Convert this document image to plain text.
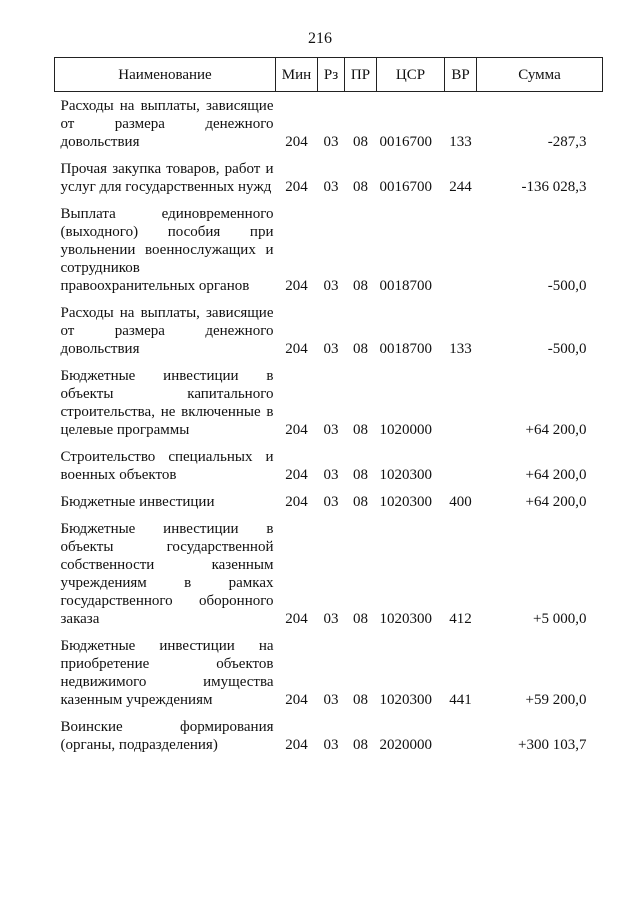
216
Наименование	Мин	Рз	ПР	ЦСР	ВР	Сумма
Расходы на выплаты, зависящие от размера денежного довольствия	204	03	08	0016700	133	-287,3
Прочая закупка товаров, работ и услуг для государственных нужд	204	03	08	0016700	244	-136 028,3
Выплата единовременного (выходного) пособия при увольнении военнослужащих и сотрудников правоохранительных органов	204	03	08	0018700		-500,0
Расходы на выплаты, зависящие от размера денежного довольствия	204	03	08	0018700	133	-500,0
Бюджетные инвестиции в объекты капитального строительства, не включенные в целевые программы	204	03	08	1020000		+64 200,0
Строительство специальных и военных объектов	204	03	08	1020300		+64 200,0
Бюджетные инвестиции	204	03	08	1020300	400	+64 200,0
Бюджетные инвестиции в объекты государственной собственности казенным учреждениям в рамках государственного оборонного заказа	204	03	08	1020300	412	+5 000,0
Бюджетные инвестиции на приобретение объектов недвижимого имущества казенным учреждениям	204	03	08	1020300	441	+59 200,0
Воинские формирования (органы, подразделения)	204	03	08	2020000		+300 103,7
